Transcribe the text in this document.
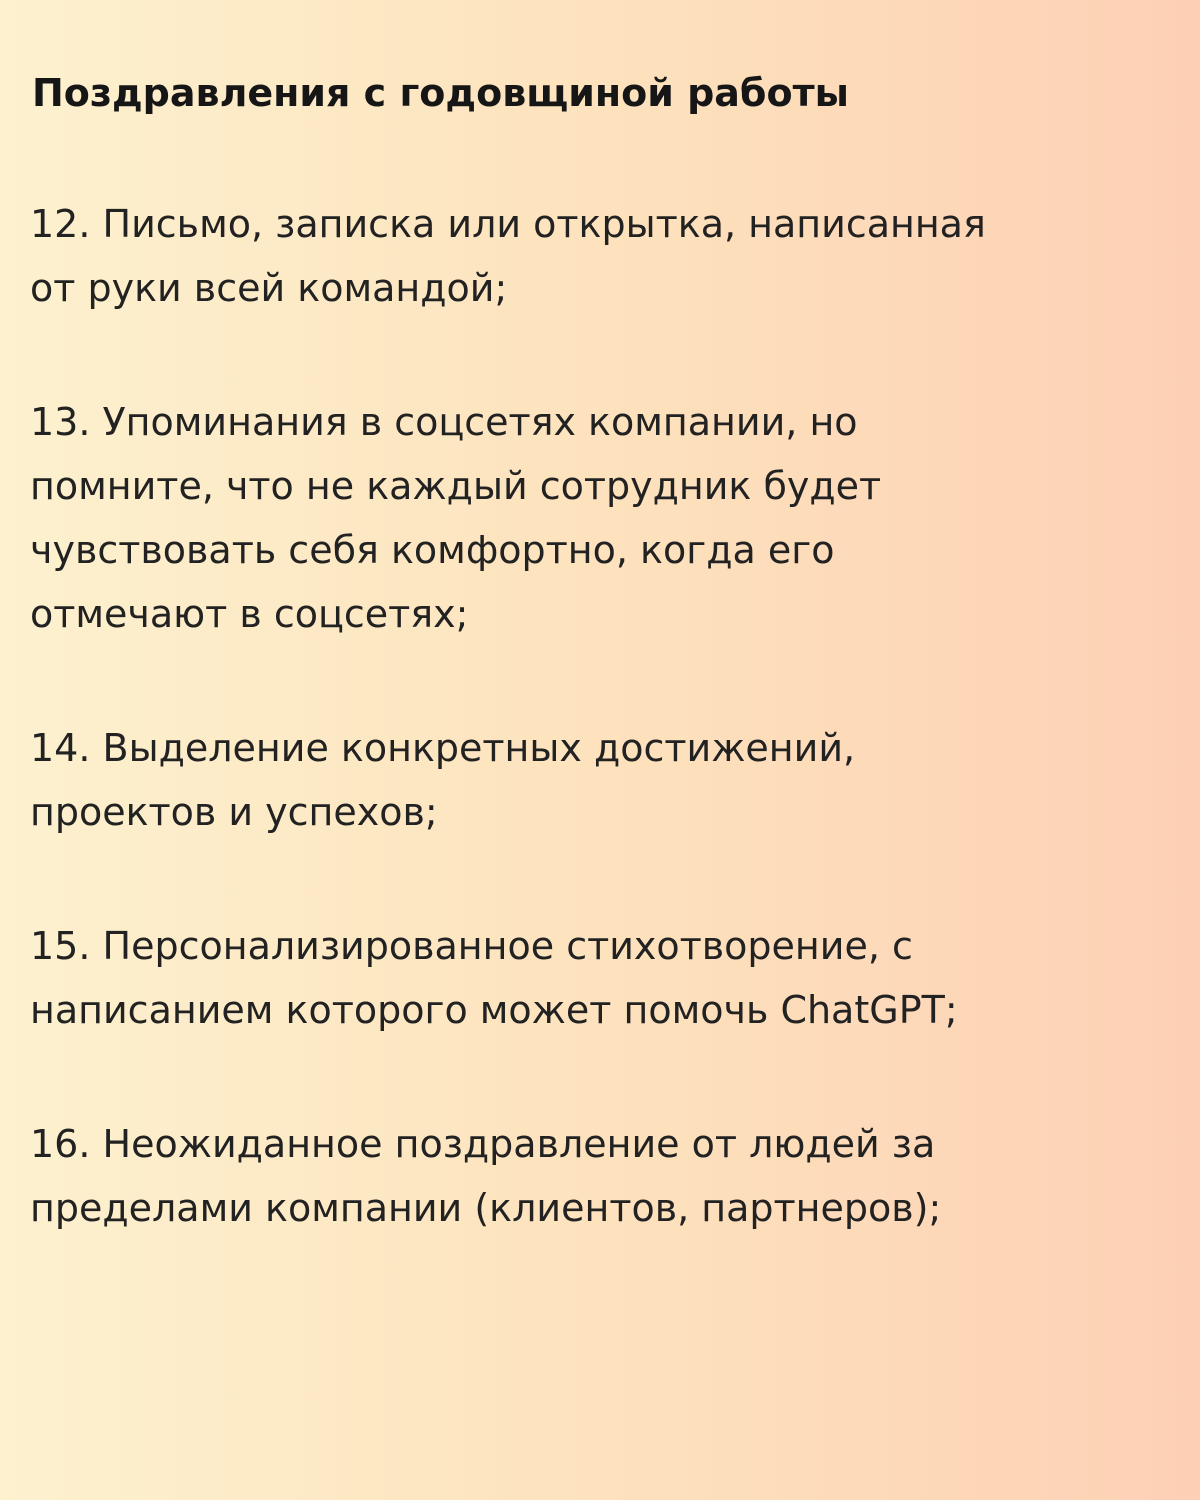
Поздравления с годовщиной работы
12. Письмо, записка или открытка, написанная
от руки всей командой;
13. Упоминания в соцсетях компании, но
помните, что не каждый сотрудник будет
чувствовать себя комфортно, когда его
отмечают в соцсетях;
14. Выделение конкретных достижений,
проектов и успехов;
15. Персонализированное стихотворение, с
написанием которого может помочь ChatGPT;
16. Неожиданное поздравление от людей за
пределами компании (клиентов, партнеров);
